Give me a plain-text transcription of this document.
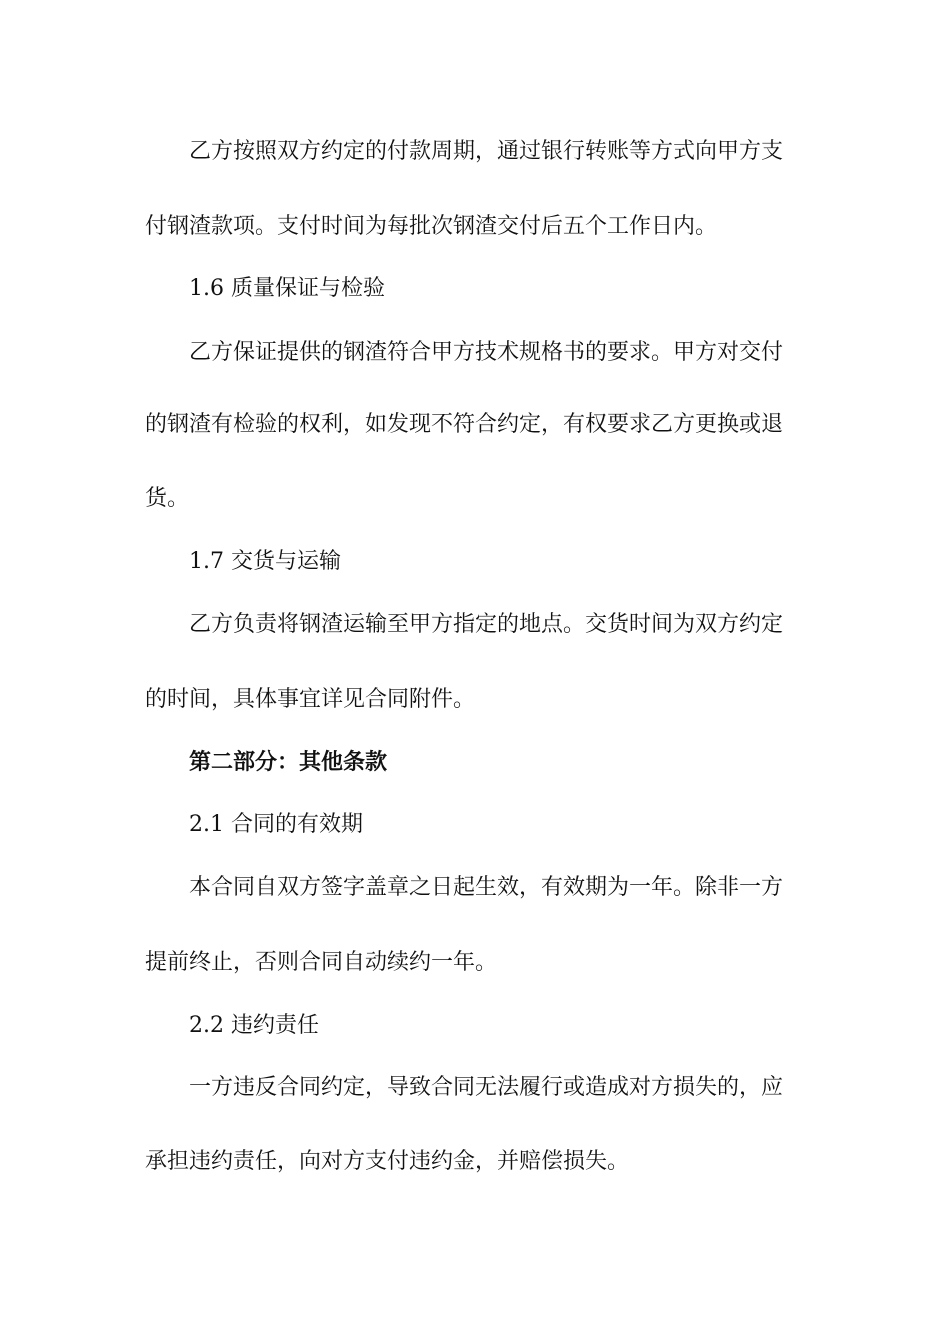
乙方按照双方约定的付款周期，通过银行转账等方式向甲方支
付钢渣款项。支付时间为每批次钢渣交付后五个工作日内。
1.6 质量保证与检验
乙方保证提供的钢渣符合甲方技术规格书的要求。甲方对交付
的钢渣有检验的权利，如发现不符合约定，有权要求乙方更换或退
货。
1.7 交货与运输
乙方负责将钢渣运输至甲方指定的地点。交货时间为双方约定
的时间，具体事宜详见合同附件。
第二部分：其他条款
2.1 合同的有效期
本合同自双方签字盖章之日起生效，有效期为一年。除非一方
提前终止，否则合同自动续约一年。
2.2 违约责任
一方违反合同约定，导致合同无法履行或造成对方损失的，应
承担违约责任，向对方支付违约金，并赔偿损失。
